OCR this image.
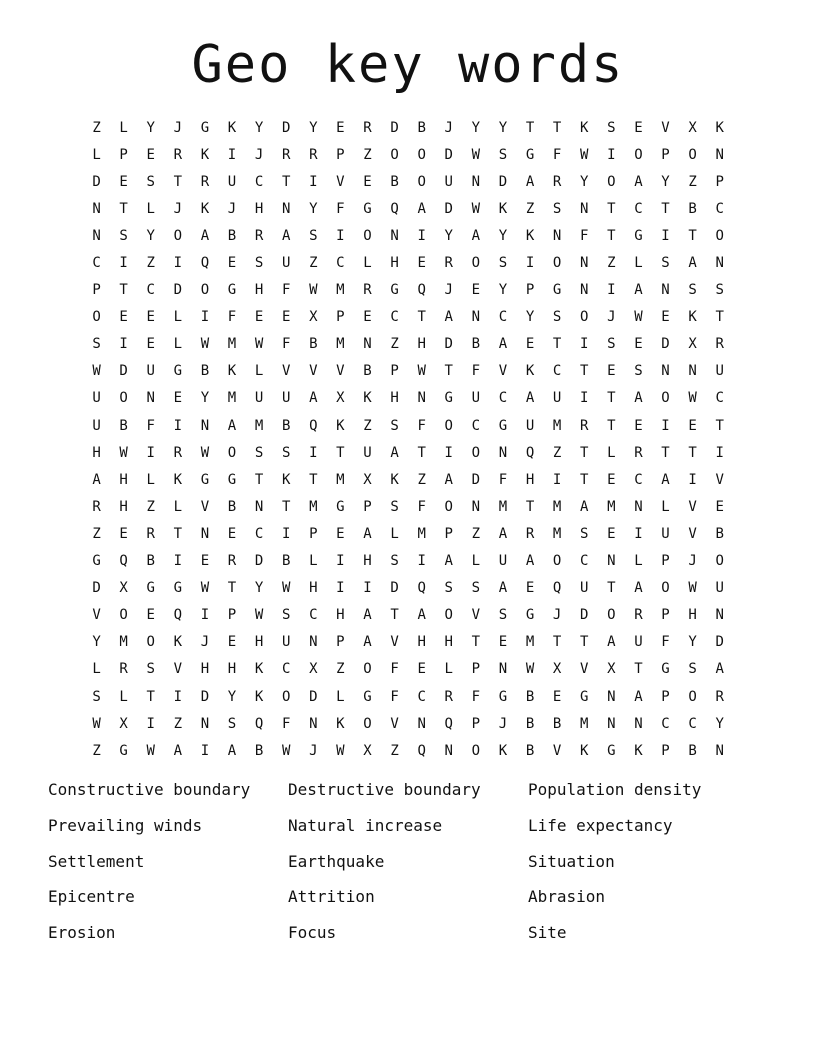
Geo key words
Z	L	Y	J	G	K	Y	D	Y	E	R	D	B	J	Y	Y	T	T	K	S	E	V	X	K
L	P	E	R	K	I	J	R	R	P	Z	O	O	D	W	S	G	F	W	I	O	P	O	N
D	E	S	T	R	U	C	T	I	V	E	B	O	U	N	D	A	R	Y	O	A	Y	Z	P
N	T	L	J	K	J	H	N	Y	F	G	Q	A	D	W	K	Z	S	N	T	C	T	B	C
N	S	Y	O	A	B	R	A	S	I	O	N	I	Y	A	Y	K	N	F	T	G	I	T	O
C	I	Z	I	Q	E	S	U	Z	C	L	H	E	R	O	S	I	O	N	Z	L	S	A	N
P	T	C	D	O	G	H	F	W	M	R	G	Q	J	E	Y	P	G	N	I	A	N	S	S
O	E	E	L	I	F	E	E	X	P	E	C	T	A	N	C	Y	S	O	J	W	E	K	T
S	I	E	L	W	M	W	F	B	M	N	Z	H	D	B	A	E	T	I	S	E	D	X	R
W	D	U	G	B	K	L	V	V	V	B	P	W	T	F	V	K	C	T	E	S	N	N	U
U	O	N	E	Y	M	U	U	A	X	K	H	N	G	U	C	A	U	I	T	A	O	W	C
U	B	F	I	N	A	M	B	Q	K	Z	S	F	O	C	G	U	M	R	T	E	I	E	T
H	W	I	R	W	O	S	S	I	T	U	A	T	I	O	N	Q	Z	T	L	R	T	T	I
A	H	L	K	G	G	T	K	T	M	X	K	Z	A	D	F	H	I	T	E	C	A	I	V
R	H	Z	L	V	B	N	T	M	G	P	S	F	O	N	M	T	M	A	M	N	L	V	E
Z	E	R	T	N	E	C	I	P	E	A	L	M	P	Z	A	R	M	S	E	I	U	V	B
G	Q	B	I	E	R	D	B	L	I	H	S	I	A	L	U	A	O	C	N	L	P	J	O
D	X	G	G	W	T	Y	W	H	I	I	D	Q	S	S	A	E	Q	U	T	A	O	W	U
V	O	E	Q	I	P	W	S	C	H	A	T	A	O	V	S	G	J	D	O	R	P	H	N
Y	M	O	K	J	E	H	U	N	P	A	V	H	H	T	E	M	T	T	A	U	F	Y	D
L	R	S	V	H	H	K	C	X	Z	O	F	E	L	P	N	W	X	V	X	T	G	S	A
S	L	T	I	D	Y	K	O	D	L	G	F	C	R	F	G	B	E	G	N	A	P	O	R
W	X	I	Z	N	S	Q	F	N	K	O	V	N	Q	P	J	B	B	M	N	N	C	C	Y
Z	G	W	A	I	A	B	W	J	W	X	Z	Q	N	O	K	B	V	K	G	K	P	B	N
Constructive boundary	Destructive boundary	Population density
Prevailing winds	Natural increase	Life expectancy
Settlement	Earthquake	Situation
Epicentre	Attrition	Abrasion
Erosion	Focus	Site
